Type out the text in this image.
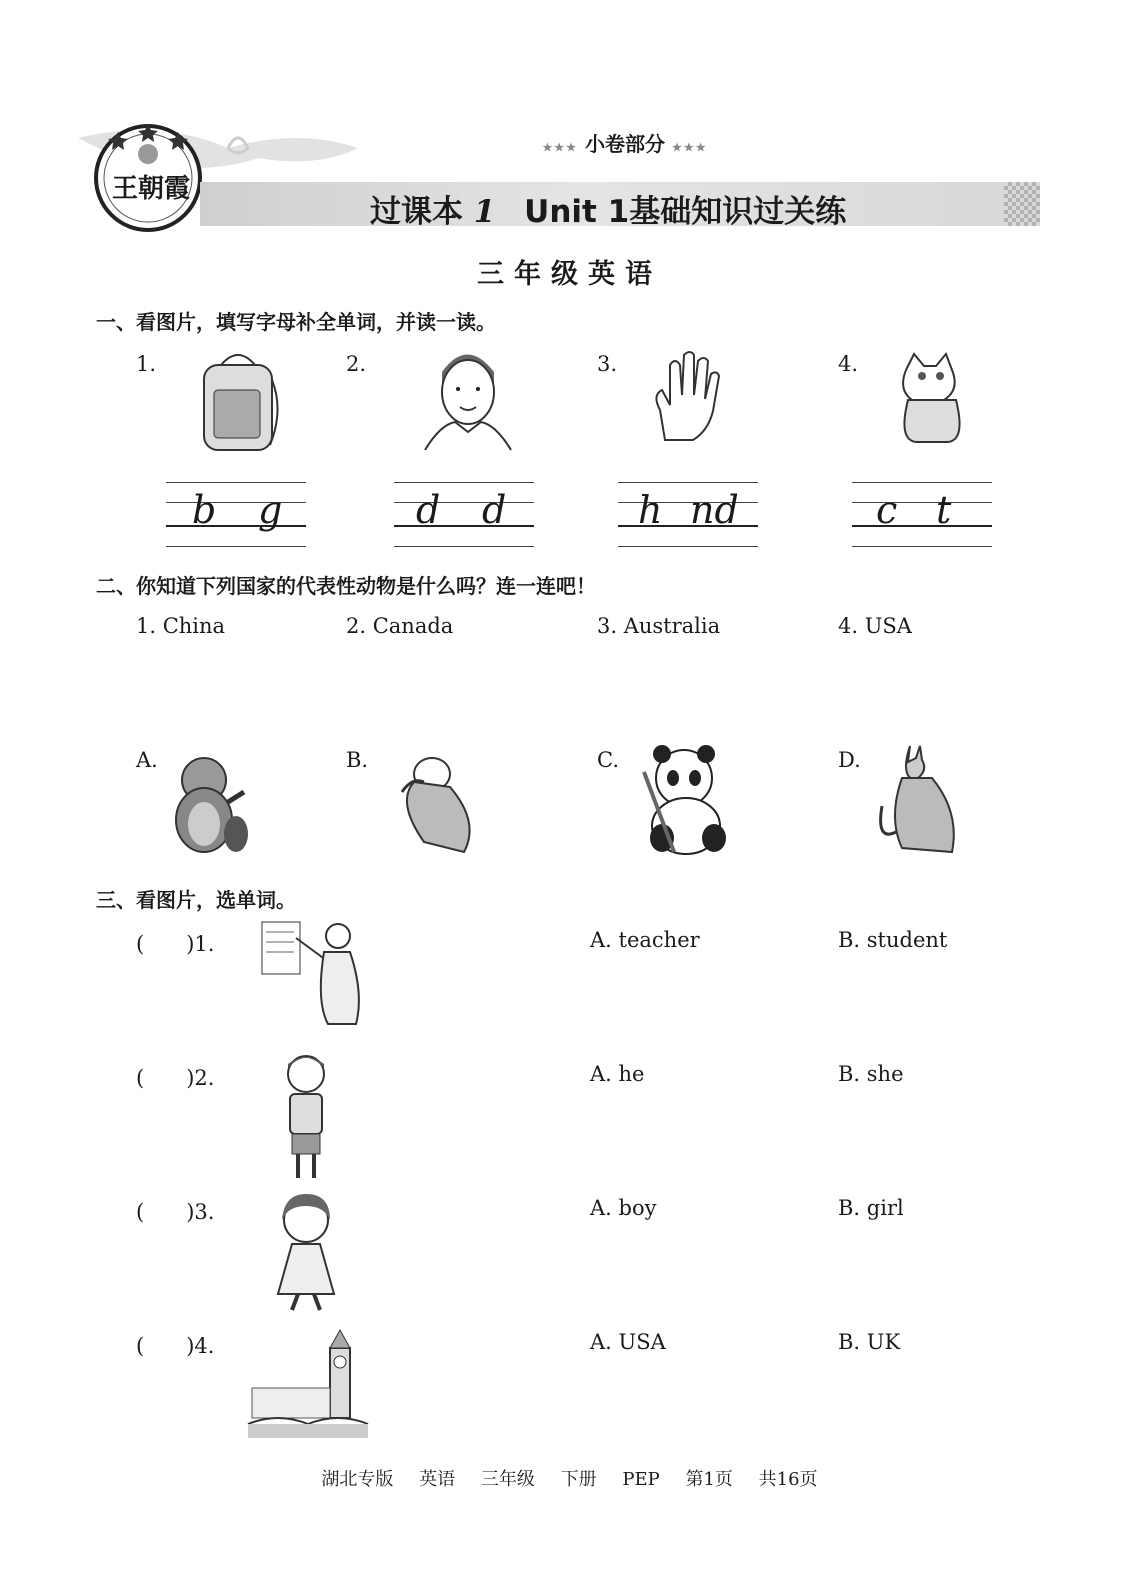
王朝霞
★★★ 小卷部分 ★★★
过课本 1 Unit 1基础知识过关练
三年级英语
一、看图片，填写字母补全单词，并读一读。
1.	2.	3.	4.
b g	d d	h nd	c t
二、你知道下列国家的代表性动物是什么吗？连一连吧！
1. China	2. Canada	3. Australia	4. USA
A.	B.	C.	D.
三、看图片，选单词。
(　　)1.	A. teacher	B. student
(　　)2.	A. he	B. she
(　　)3.	A. boy	B. girl
(　　)4.	A. USA	B. UK
湖北专版 英语 三年级 下册 PEP 第1页 共16页
